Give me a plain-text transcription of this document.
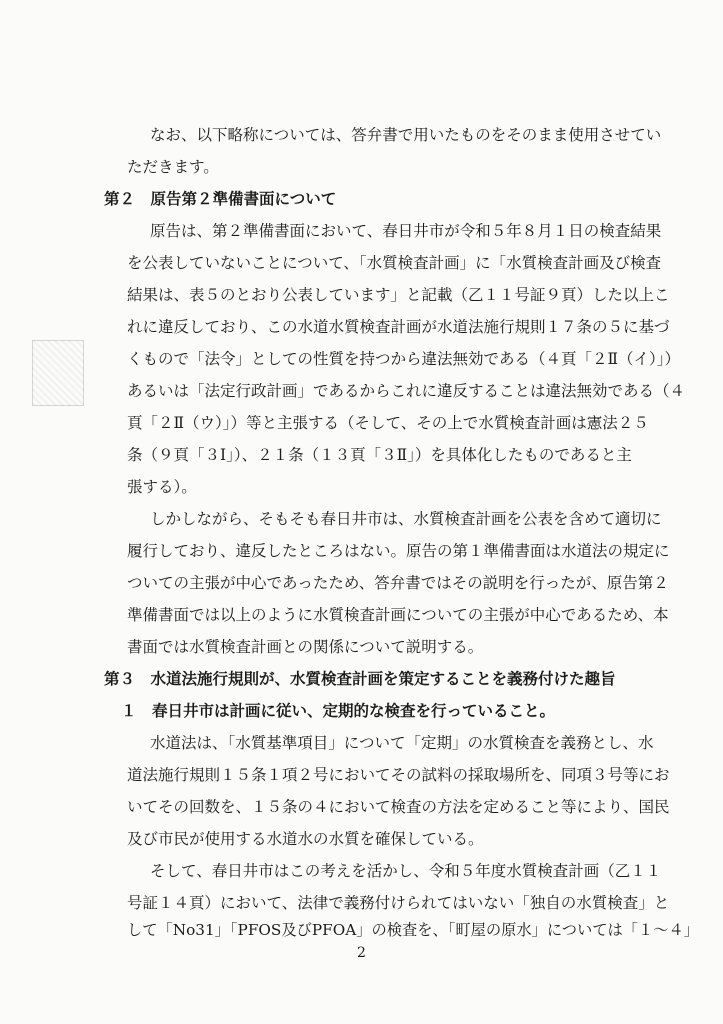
なお、以下略称については、答弁書で用いたものをそのまま使用させてい
ただきます。
第２　原告第２準備書面について
原告は、第２準備書面において、春日井市が令和５年８月１日の検査結果
を公表していないことについて、「水質検査計画」に「水質検査計画及び検査
結果は、表５のとおり公表しています」と記載（乙１１号証９頁）した以上こ
れに違反しており、この水道水質検査計画が水道法施行規則１７条の５に基づ
くもので「法令」としての性質を持つから違法無効である（４頁「２Ⅱ（イ）」）
あるいは「法定行政計画」であるからこれに違反することは違法無効である（４
頁「２Ⅱ（ウ）」）等と主張する（そして、その上で水質検査計画は憲法２５
条（９頁「３Ⅰ」）、２１条（１３頁「３Ⅱ」）を具体化したものであると主
張する）。
しかしながら、そもそも春日井市は、水質検査計画を公表を含めて適切に
履行しており、違反したところはない。原告の第１準備書面は水道法の規定に
ついての主張が中心であったため、答弁書ではその説明を行ったが、原告第２
準備書面では以上のように水質検査計画についての主張が中心であるため、本
書面では水質検査計画との関係について説明する。
第３　水道法施行規則が、水質検査計画を策定することを義務付けた趣旨
１　春日井市は計画に従い、定期的な検査を行っていること。
水道法は、「水質基準項目」について「定期」の水質検査を義務とし、水
道法施行規則１５条１項２号においてその試料の採取場所を、同項３号等にお
いてその回数を、１５条の４において検査の方法を定めること等により、国民
及び市民が使用する水道水の水質を確保している。
そして、春日井市はこの考えを活かし、令和５年度水質検査計画（乙１１
号証１４頁）において、法律で義務付けられてはいない「独自の水質検査」と
して「No31」「PFOS及びPFOA」の検査を、「町屋の原水」については「１～４」
2
